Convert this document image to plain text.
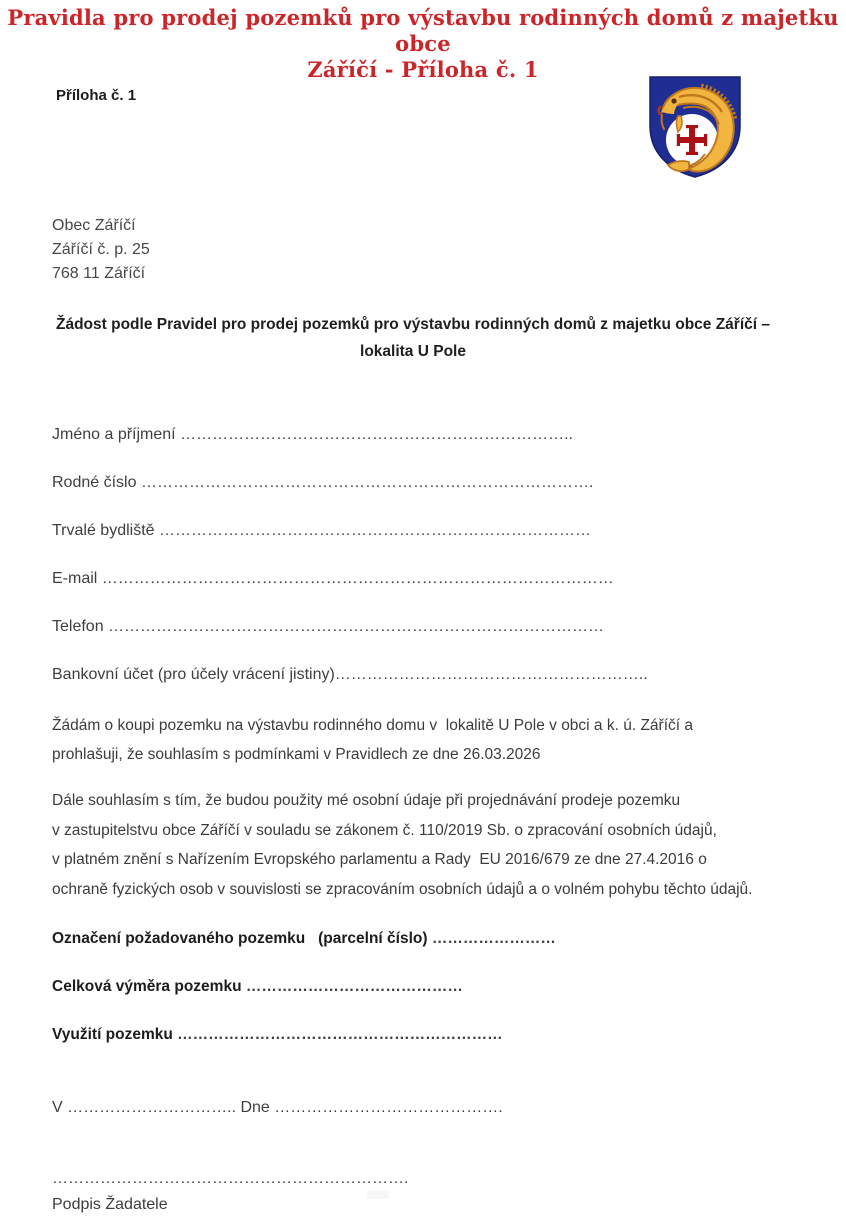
Pravidla pro prodej pozemků pro výstavbu rodinných domů z majetku obce
Záříčí - Příloha č. 1
Příloha č. 1
Obec Záříčí
Záříčí č. p. 25
768 11 Záříčí
Žádost podle Pravidel pro prodej pozemků pro výstavbu rodinných domů z majetku obce Záříčí –
lokalita U Pole
Jméno a příjmení ………………………………………………………………..
Rodné číslo ………………………………………………………………………….
Trvalé bydliště ………………………………………………………………………
E-mail ……………………………………………………………………………………
Telefon …………………………………………………………………………………
Bankovní účet (pro účely vrácení jistiny)…………………………………………………..
Žádám o koupi pozemku na výstavbu rodinného domu v  lokalitě U Pole v obci a k. ú. Záříčí a
prohlašuji, že souhlasím s podmínkami v Pravidlech ze dne 26.03.2026
Dále souhlasím s tím, že budou použity mé osobní údaje při projednávání prodeje pozemku
v zastupitelstvu obce Záříčí v souladu se zákonem č. 110/2019 Sb. o zpracování osobních údajů,
v platném znění s Nařízením Evropského parlamentu a Rady  EU 2016/679 ze dne 27.4.2016 o
ochraně fyzických osob v souvislosti se zpracováním osobních údajů a o volném pohybu těchto údajů.
Označení požadovaného pozemku   (parcelní číslo) ……………………
Celková výměra pozemku ……………………………………
Využití pozemku ………………………………………………………
V ………………………….. Dne …………………………………….
………………………………………………………….
Podpis Žadatele
